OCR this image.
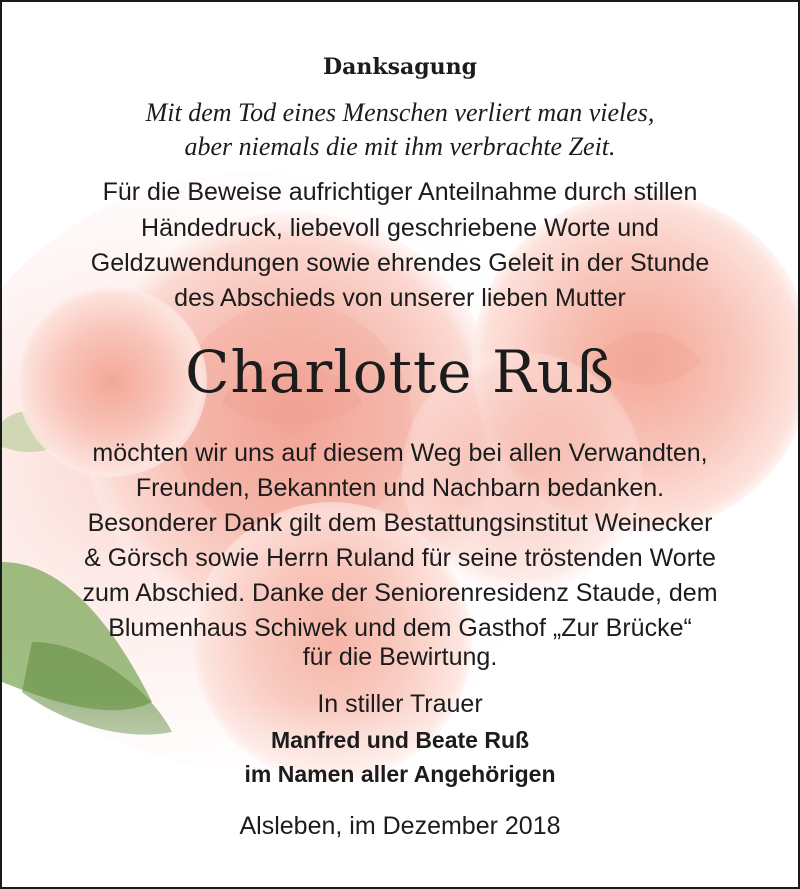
Danksagung
Mit dem Tod eines Menschen verliert man vieles,
aber niemals die mit ihm verbrachte Zeit.
Für die Beweise aufrichtiger Anteilnahme durch stillen
Händedruck, liebevoll geschriebene Worte und
Geldzuwendungen sowie ehrendes Geleit in der Stunde
des Abschieds von unserer lieben Mutter
Charlotte Ruß
möchten wir uns auf diesem Weg bei allen Verwandten,
Freunden, Bekannten und Nachbarn bedanken.
Besonderer Dank gilt dem Bestattungsinstitut Weinecker
& Görsch sowie Herrn Ruland für seine tröstenden Worte
zum Abschied. Danke der Seniorenresidenz Staude, dem
Blumenhaus Schiwek und dem Gasthof „Zur Brücke“
für die Bewirtung.
In stiller Trauer
Manfred und Beate Ruß
im Namen aller Angehörigen
Alsleben, im Dezember 2018
